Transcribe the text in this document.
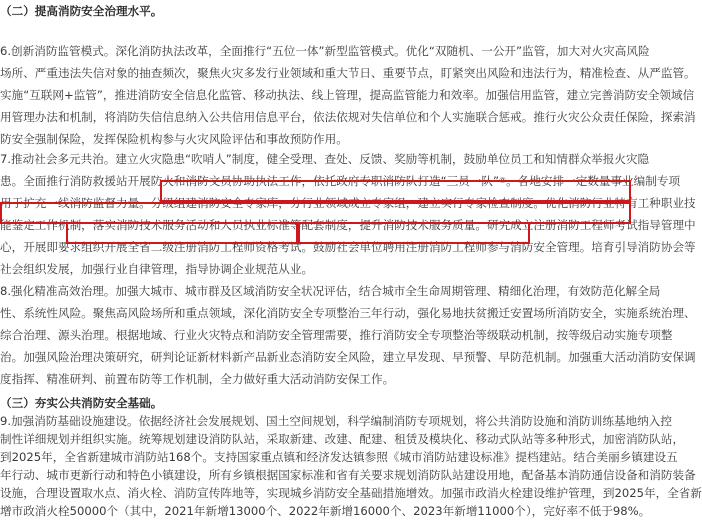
（二）提高消防安全治理水平。
6.创新消防监管模式。深化消防执法改革，全面推行“五位一体”新型监管模式。优化“双随机、一公开”监管，加大对火灾高风险
场所、严重违法失信对象的抽查频次，聚焦火灾多发行业领域和重大节日、重要节点，盯紧突出风险和违法行为，精准检查、从严监管。
实施“互联网+监管”，推进消防安全信息化监管、移动执法、线上管理，提高监管能力和效率。加强信用监管，建立完善消防安全领域信
用管理办法和机制，将消防失信信息纳入公共信用信息平台，依法依规对失信单位和个人实施联合惩戒。推行火灾公众责任保险，探索消
防安全强制保险，发挥保险机构参与火灾风险评估和事故预防作用。
7.推动社会多元共治。建立火灾隐患“吹哨人”制度，健全受理、查处、反馈、奖励等机制，鼓励单位员工和知情群众举报火灾隐
患。全面推行消防救援站开展防火和消防文员协助执法工作，依托政府专职消防队打造“三员一队”⑨。各地安排一定数量事业编制专项
用于扩充一线消防监督力量。分级组建消防安全专家库，分行业领域成立专家组，建立实行专家检查制度。优化消防行业特有工种职业技
能鉴定工作机制，落实消防技术服务活动和人员执业标准等配套制度，提升消防技术服务质量。研究成立注册消防工程师考试指导管理中
心，开展即要求组织开展全省二级注册消防工程师资格考试。鼓励社会单位聘用注册消防工程师参与消防安全管理。培育引导消防协会等
社会组织发展，加强行业自律管理，指导协调企业规范从业。
8.强化精准高效治理。加强大城市、城市群及区域消防安全状况评估，结合城市全生命周期管理、精细化治理，有效防范化解全局
性、系统性风险。聚焦高风险场所和重点领域，深化消防安全专项整治三年行动，强化易地扶贫搬迁安置场所消防安全，实施系统治理、
综合治理、源头治理。根据地域、行业火灾特点和消防安全管理需要，推行消防安全专项整治等级联动机制，按等级启动实施专项整
治。加强风险治理决策研究，研判论证新材料新产品新业态消防安全风险，建立早发现、早预警、早防范机制。加强重大活动消防安保调
度指挥、精准研判、前置布防等工作机制，全力做好重大活动消防安保工作。
（三）夯实公共消防安全基础。
9.加强消防基础设施建设。依据经济社会发展规划、国土空间规划，科学编制消防专项规划，将公共消防设施和消防训练基地纳入控
制性详细规划并组织实施。统筹规划建设消防队站，采取新建、改建、配建、租赁及模块化、移动式队站等多种形式，加密消防队站，
到2025年，全省新建城市消防站168个。支持国家重点镇和经济发达镇参照《城市消防站建设标准》提档建站。结合美丽乡镇建设五
年行动、城市更新行动和特色小镇建设，所有乡镇根据国家标准和省有关要求规划消防队站建设用地，配备基本消防通信设备和消防装备
设施，合理设置取水点、消火栓、消防宣传阵地等，实现城乡消防安全基础措施增效。加强市政消火栓建设维护管理，到2025年，全省新
增市政消火栓50000个（其中，2021年新增13000个、2022年新增16000个、2023年新增11000个），完好率不低于98%。
